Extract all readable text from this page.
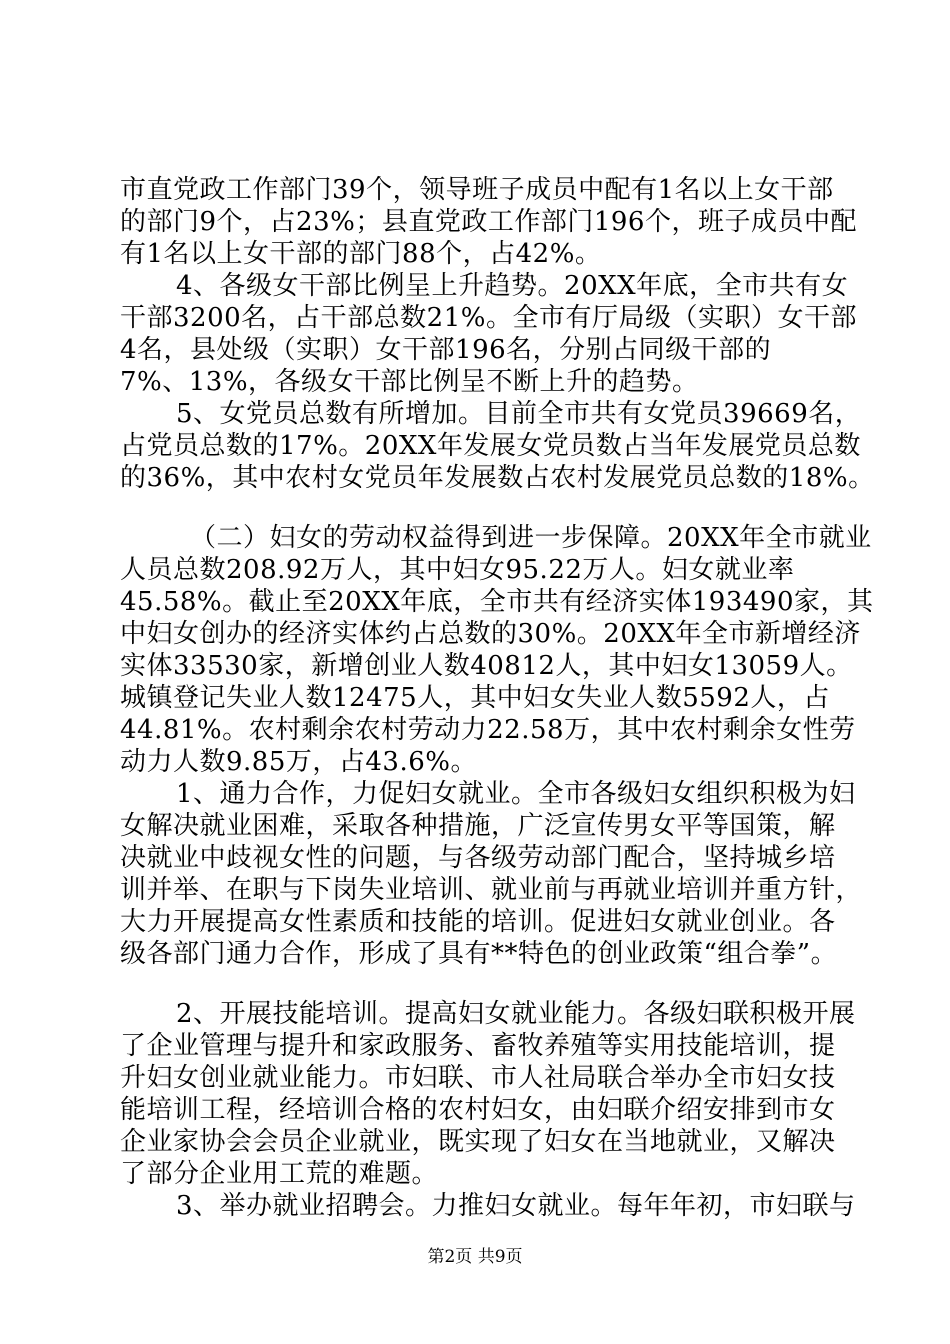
市直党政工作部门39个，领导班子成员中配有1名以上女干部
的部门9个，占23%；县直党政工作部门196个，班子成员中配
有1名以上女干部的部门88个，占42%。
4、各级女干部比例呈上升趋势。20XX年底，全市共有女
干部3200名，占干部总数21%。全市有厅局级（实职）女干部
4名，县处级（实职）女干部196名，分别占同级干部的
7%、13%，各级女干部比例呈不断上升的趋势。
5、女党员总数有所增加。目前全市共有女党员39669名，
占党员总数的17%。20XX年发展女党员数占当年发展党员总数
的36%，其中农村女党员年发展数占农村发展党员总数的18%。
（二）妇女的劳动权益得到进一步保障。20XX年全市就业
人员总数208.92万人，其中妇女95.22万人。妇女就业率
45.58%。截止至20XX年底，全市共有经济实体193490家，其
中妇女创办的经济实体约占总数的30%。20XX年全市新增经济
实体33530家，新增创业人数40812人，其中妇女13059人。
城镇登记失业人数12475人，其中妇女失业人数5592人，占
44.81%。农村剩余农村劳动力22.58万，其中农村剩余女性劳
动力人数9.85万，占43.6%。
1、通力合作，力促妇女就业。全市各级妇女组织积极为妇
女解决就业困难，采取各种措施，广泛宣传男女平等国策，解
决就业中歧视女性的问题，与各级劳动部门配合，坚持城乡培
训并举、在职与下岗失业培训、就业前与再就业培训并重方针，
大力开展提高女性素质和技能的培训。促进妇女就业创业。各
级各部门通力合作，形成了具有**特色的创业政策“组合拳”。
2、开展技能培训。提高妇女就业能力。各级妇联积极开展
了企业管理与提升和家政服务、畜牧养殖等实用技能培训，提
升妇女创业就业能力。市妇联、市人社局联合举办全市妇女技
能培训工程，经培训合格的农村妇女，由妇联介绍安排到市女
企业家协会会员企业就业，既实现了妇女在当地就业，又解决
了部分企业用工荒的难题。
3、举办就业招聘会。力推妇女就业。每年年初，市妇联与
第2页 共9页
